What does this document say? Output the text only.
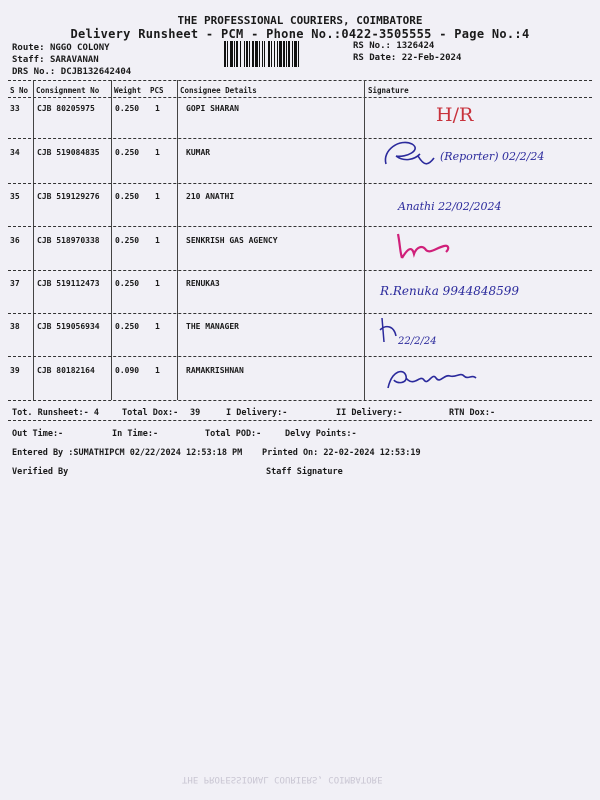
THE PROFESSIONAL COURIERS, COIMBATORE
Delivery Runsheet - PCM - Phone No.:0422-3505555 - Page No.:4
Route: NGGO COLONY
Staff: SARAVANAN
DRS No.: DCJB132642404
RS No.: 1326424
RS Date: 22-Feb-2024
S No Consignment No Weight PCS Consignee Details	Signature
33 CJB 80205975	0.250 1	GOPI SHARAN	H/R
34 CJB 519084835 0.250 1	KUMAR	(Reporter) 02/2/24
35 CJB 519129276 0.250 1	210 ANATHI
Anathi 22/02/2024
36 CJB 518970338 0.250 1	SENKRISH GAS AGENCY
37 CJB 519112473 0.250 1	RENUKA3
R.Renuka 9944848599
38 CJB 519056934 0.250 1	THE MANAGER
22/2/24
39 CJB 80182164	0.090 1	RAMAKRISHNAN
Tot. Runsheet:- 4	Total Dox:- 39	I Delivery:-	II Delivery:-	RTN Dox:-
Out Time:-	In Time:-	Total POD:-	Delvy Points:-
Entered By :SUMATHIPCM 02/22/2024 12:53:18 PM Printed On: 22-02-2024 12:53:19
Verified By	Staff Signature
THE PROFESSIONAL COURIERS, COIMBATORE
